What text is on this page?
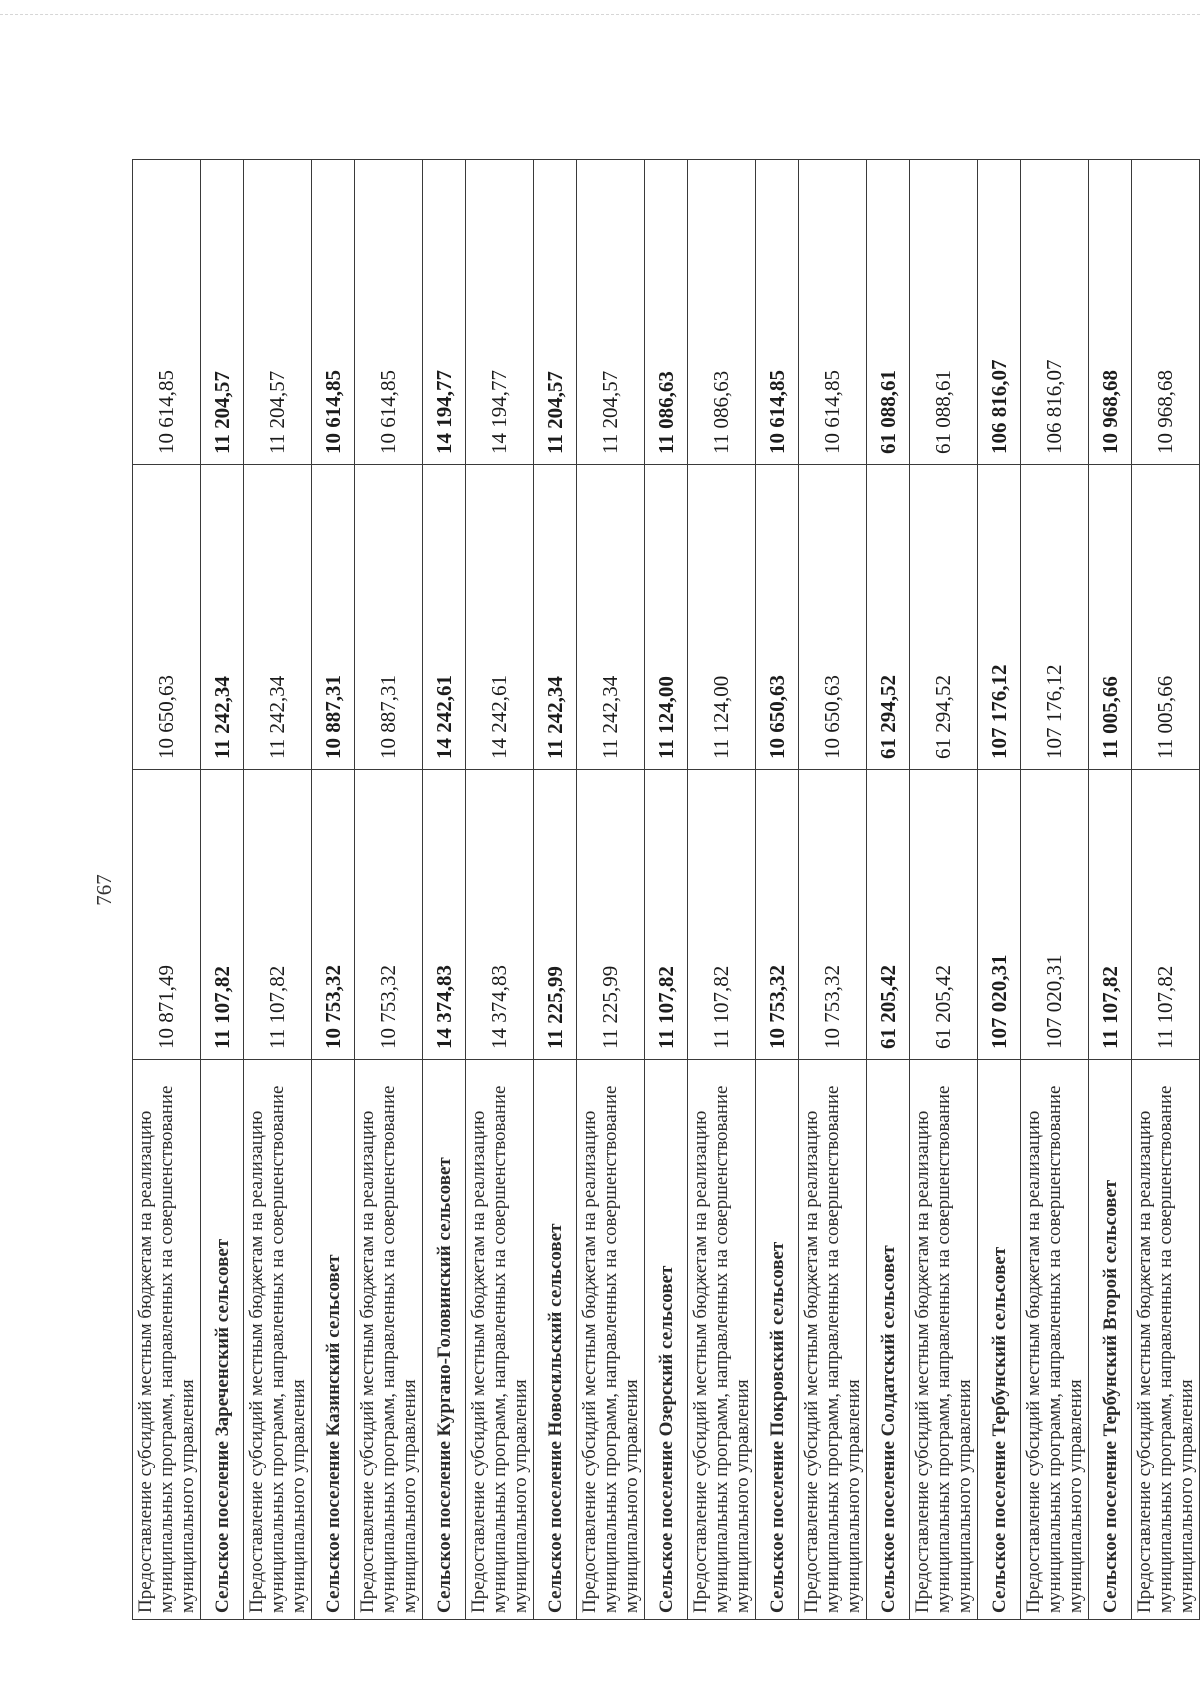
767
Предоставление субсидий местным бюджетам на реализацию муниципальных программ, направленных на совершенствование муниципального управления	10 871,49	10 650,63	10 614,85
Сельское поселение Зареченский сельсовет	11 107,82	11 242,34	11 204,57
Предоставление субсидий местным бюджетам на реализацию муниципальных программ, направленных на совершенствование муниципального управления	11 107,82	11 242,34	11 204,57
Сельское поселение Казинский сельсовет	10 753,32	10 887,31	10 614,85
Предоставление субсидий местным бюджетам на реализацию муниципальных программ, направленных на совершенствование муниципального управления	10 753,32	10 887,31	10 614,85
Сельское поселение Кургано-Головинский сельсовет	14 374,83	14 242,61	14 194,77
Предоставление субсидий местным бюджетам на реализацию муниципальных программ, направленных на совершенствование муниципального управления	14 374,83	14 242,61	14 194,77
Сельское поселение Новосильский сельсовет	11 225,99	11 242,34	11 204,57
Предоставление субсидий местным бюджетам на реализацию муниципальных программ, направленных на совершенствование муниципального управления	11 225,99	11 242,34	11 204,57
Сельское поселение Озерский сельсовет	11 107,82	11 124,00	11 086,63
Предоставление субсидий местным бюджетам на реализацию муниципальных программ, направленных на совершенствование муниципального управления	11 107,82	11 124,00	11 086,63
Сельское поселение Покровский сельсовет	10 753,32	10 650,63	10 614,85
Предоставление субсидий местным бюджетам на реализацию муниципальных программ, направленных на совершенствование муниципального управления	10 753,32	10 650,63	10 614,85
Сельское поселение Солдатский сельсовет	61 205,42	61 294,52	61 088,61
Предоставление субсидий местным бюджетам на реализацию муниципальных программ, направленных на совершенствование муниципального управления	61 205,42	61 294,52	61 088,61
Сельское поселение Тербунский сельсовет	107 020,31	107 176,12	106 816,07
Предоставление субсидий местным бюджетам на реализацию муниципальных программ, направленных на совершенствование муниципального управления	107 020,31	107 176,12	106 816,07
Сельское поселение Тербунский Второй сельсовет	11 107,82	11 005,66	10 968,68
Предоставление субсидий местным бюджетам на реализацию муниципальных программ, направленных на совершенствование муниципального управления	11 107,82	11 005,66	10 968,68
